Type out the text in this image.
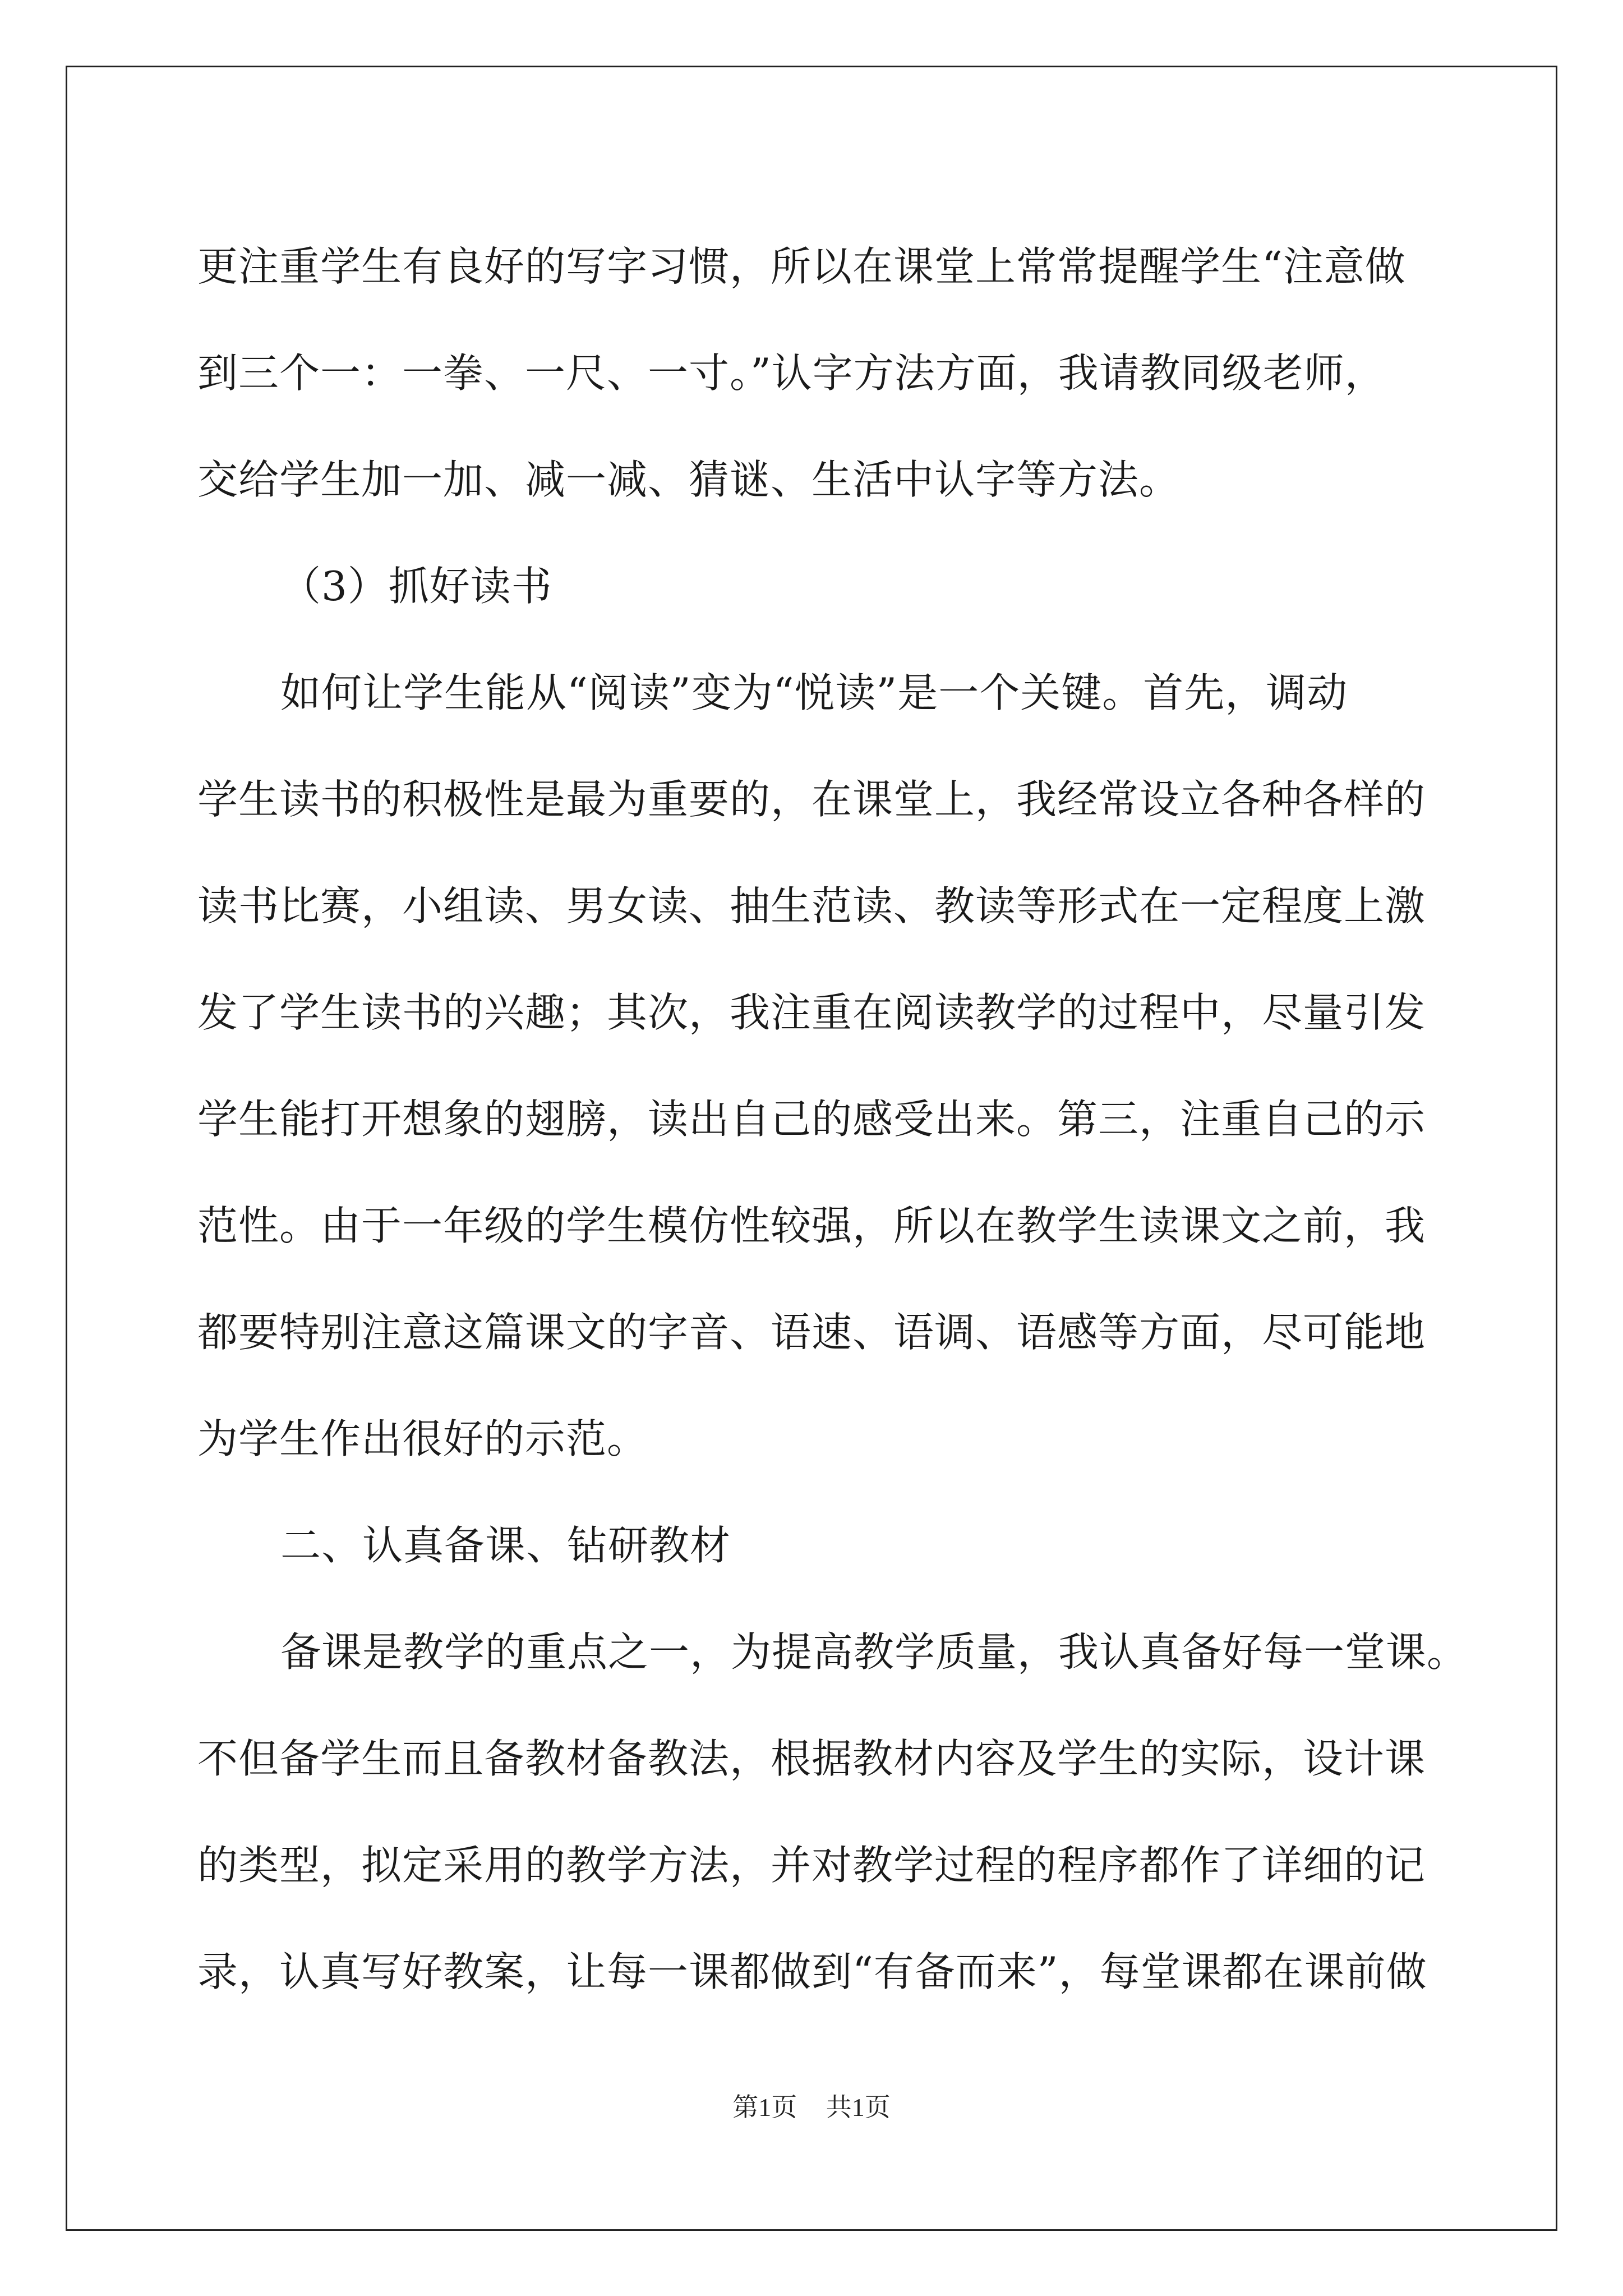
更注重学生有良好的写字习惯，所以在课堂上常常提醒学生“注意做
到三个一：一拳、一尺、一寸。”认字方法方面，我请教同级老师，
交给学生加一加、减一减、猜谜、生活中认字等方法。
（3）抓好读书
如何让学生能从“阅读”变为“悦读”是一个关键。首先，调动
学生读书的积极性是最为重要的，在课堂上，我经常设立各种各样的
读书比赛，小组读、男女读、抽生范读、教读等形式在一定程度上激
发了学生读书的兴趣；其次，我注重在阅读教学的过程中，尽量引发
学生能打开想象的翅膀，读出自己的感受出来。第三，注重自己的示
范性。由于一年级的学生模仿性较强，所以在教学生读课文之前，我
都要特别注意这篇课文的字音、语速、语调、语感等方面，尽可能地
为学生作出很好的示范。
二、认真备课、钻研教材
备课是教学的重点之一，为提高教学质量，我认真备好每一堂课。
不但备学生而且备教材备教法，根据教材内容及学生的实际，设计课
的类型，拟定采用的教学方法，并对教学过程的程序都作了详细的记
录，认真写好教案，让每一课都做到“有备而来”，每堂课都在课前做
第1页 共1页
